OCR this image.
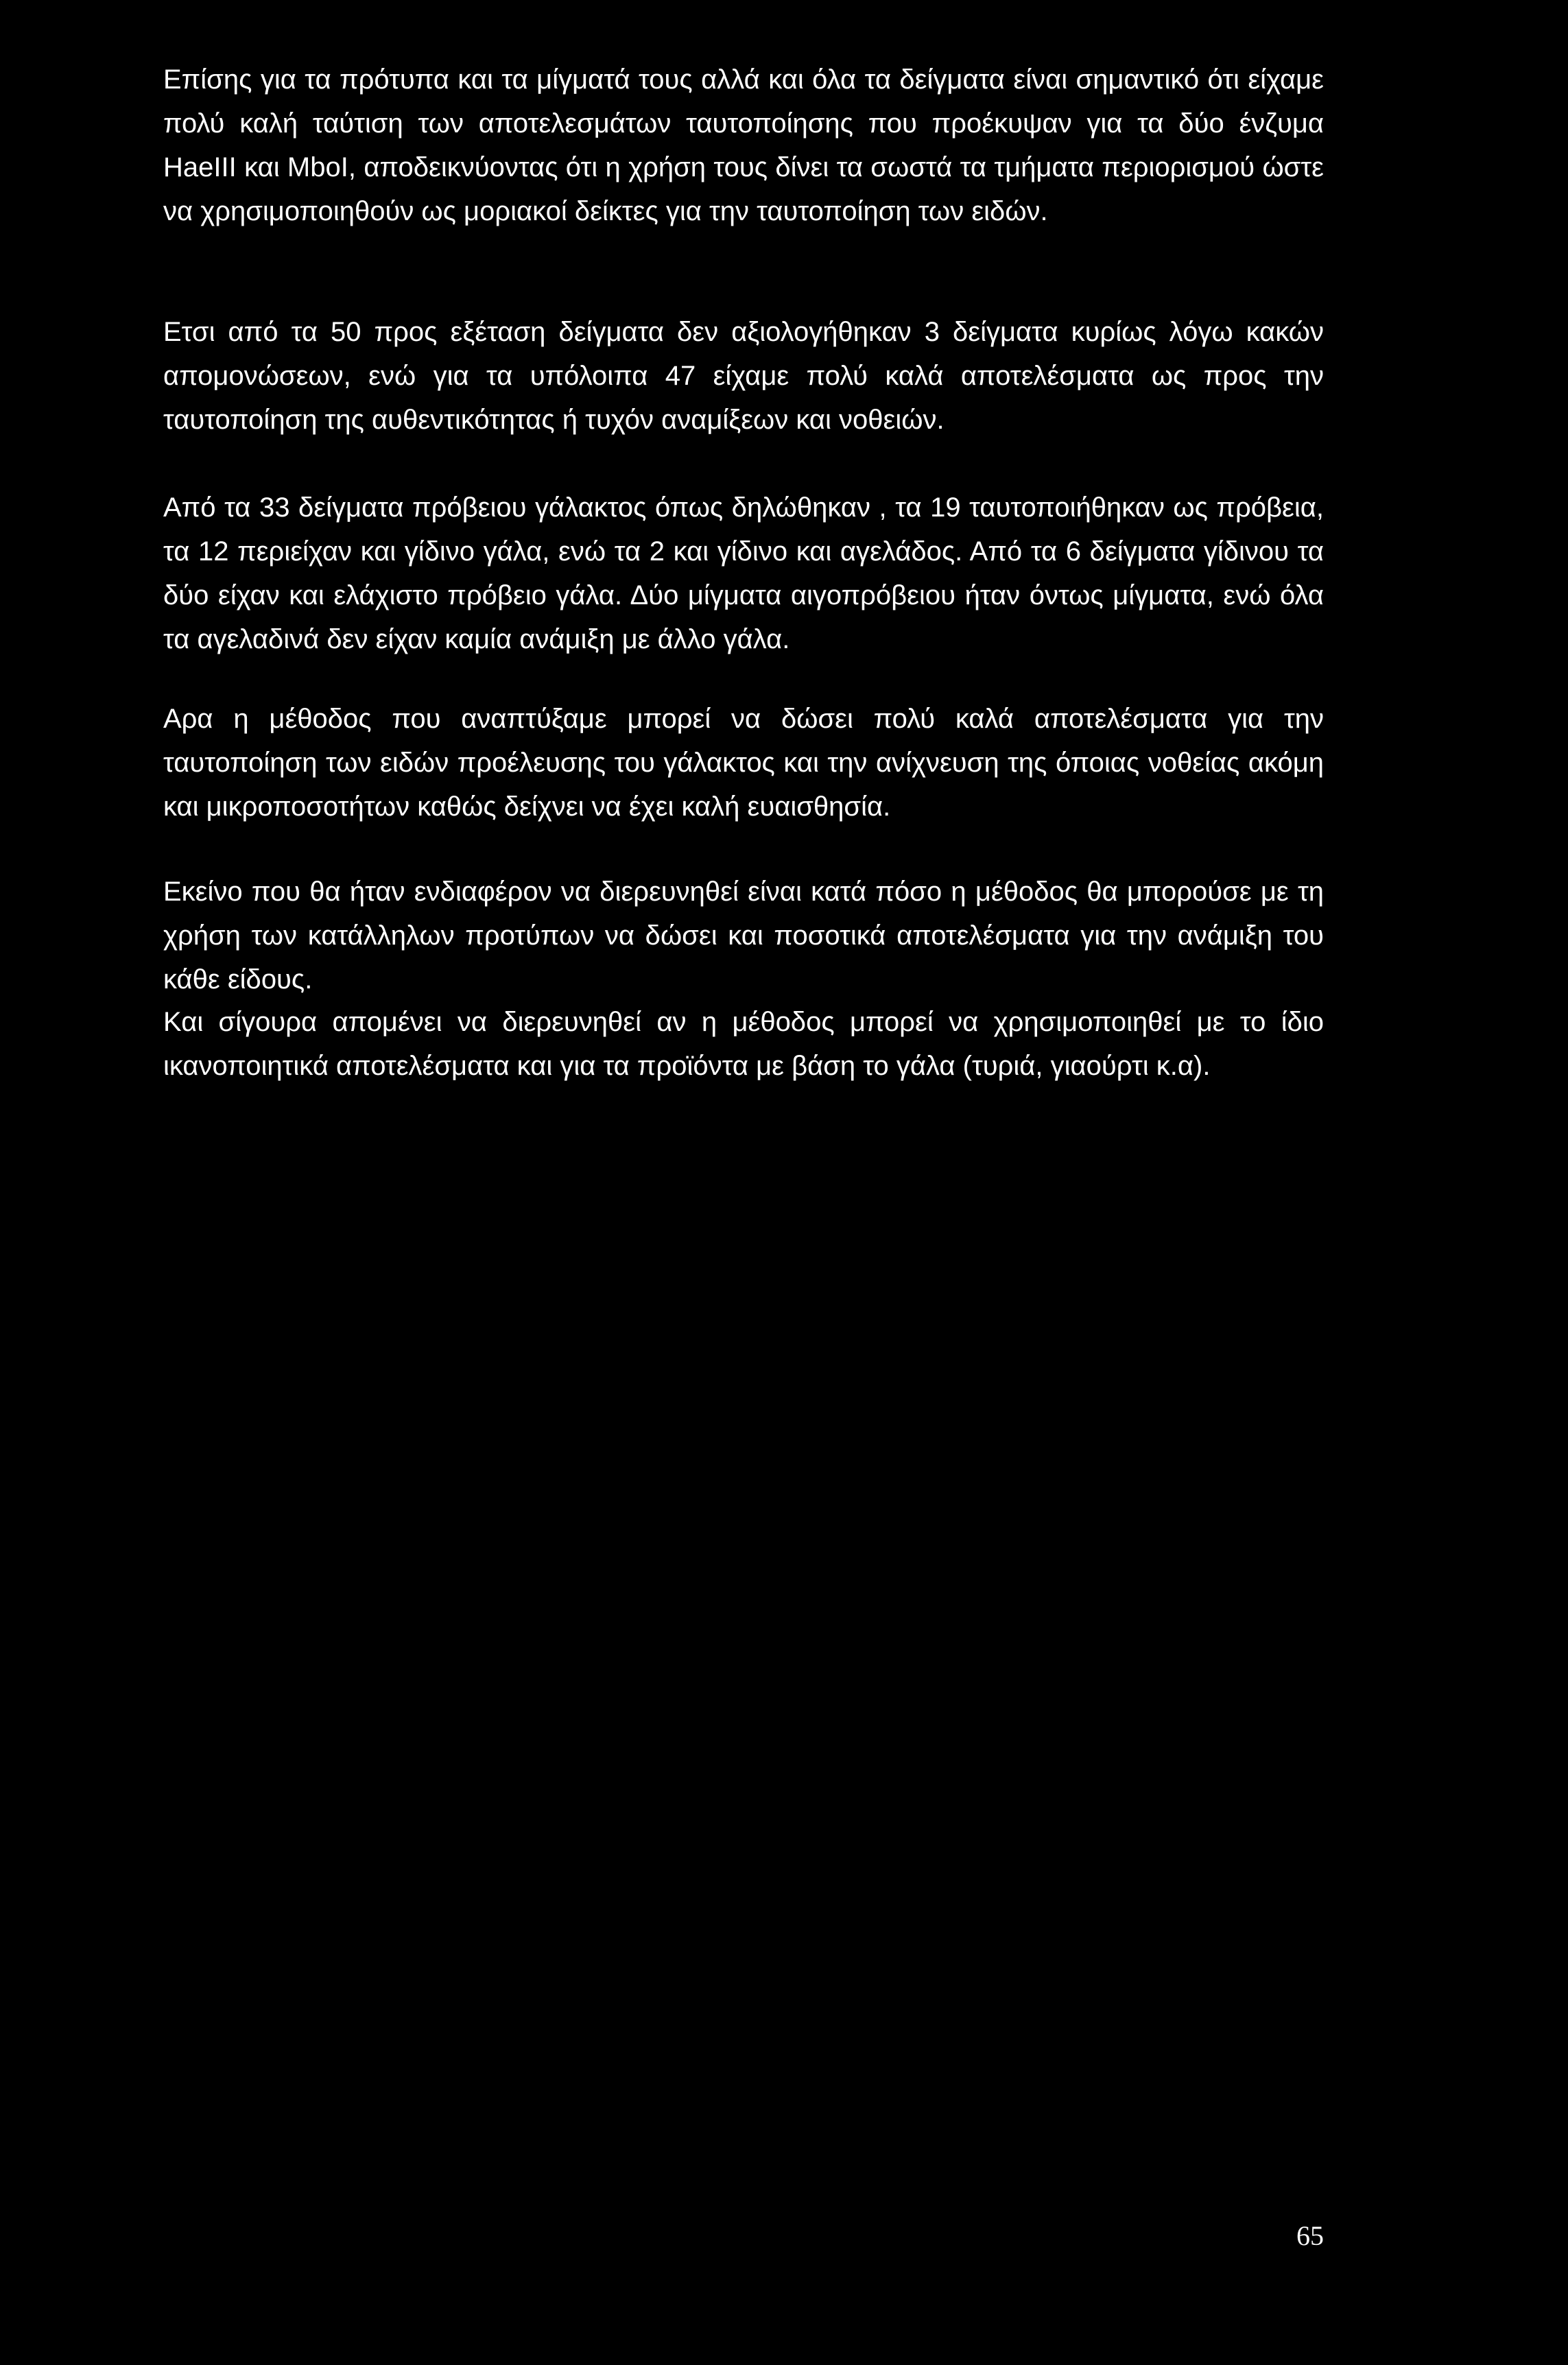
Επίσης για τα πρότυπα και τα μίγματά τους αλλά και όλα τα δείγματα είναι σημαντικό ότι είχαμε πολύ καλή ταύτιση των αποτελεσμάτων ταυτοποίησης που προέκυψαν για τα δύο ένζυμα HaeIII και MboI, αποδεικνύοντας ότι η χρήση τους δίνει τα σωστά τα τμήματα περιορισμού ώστε να χρησιμοποιηθούν ως μοριακοί δείκτες για την ταυτοποίηση των ειδών.

Ετσι από τα 50 προς εξέταση δείγματα δεν αξιολογήθηκαν 3 δείγματα κυρίως λόγω κακών απομονώσεων, ενώ για τα υπόλοιπα 47 είχαμε πολύ καλά αποτελέσματα ως προς την ταυτοποίηση της αυθεντικότητας ή τυχόν αναμίξεων και νοθειών.

Από τα 33 δείγματα πρόβειου γάλακτος όπως δηλώθηκαν , τα 19 ταυτοποιήθηκαν ως πρόβεια, τα 12 περιείχαν και γίδινο γάλα, ενώ τα 2 και γίδινο και αγελάδος. Από τα 6 δείγματα γίδινου τα δύο είχαν και ελάχιστο πρόβειο γάλα. Δύο μίγματα αιγοπρόβειου ήταν όντως μίγματα, ενώ όλα τα αγελαδινά δεν είχαν καμία ανάμιξη με άλλο γάλα.

Αρα η μέθοδος που αναπτύξαμε μπορεί να δώσει πολύ καλά αποτελέσματα για την ταυτοποίηση των ειδών προέλευσης του γάλακτος και την ανίχνευση της όποιας νοθείας ακόμη και μικροποσοτήτων καθώς δείχνει να έχει καλή ευαισθησία.

Εκείνο που θα ήταν ενδιαφέρον να διερευνηθεί είναι κατά πόσο η μέθοδος θα μπορούσε με τη χρήση των κατάλληλων προτύπων να δώσει και ποσοτικά αποτελέσματα για την ανάμιξη του κάθε είδους.

Και σίγουρα απομένει να διερευνηθεί αν η μέθοδος μπορεί να χρησιμοποιηθεί με το ίδιο ικανοποιητικά αποτελέσματα και για τα προϊόντα με βάση το γάλα (τυριά, γιαούρτι κ.α).

65
